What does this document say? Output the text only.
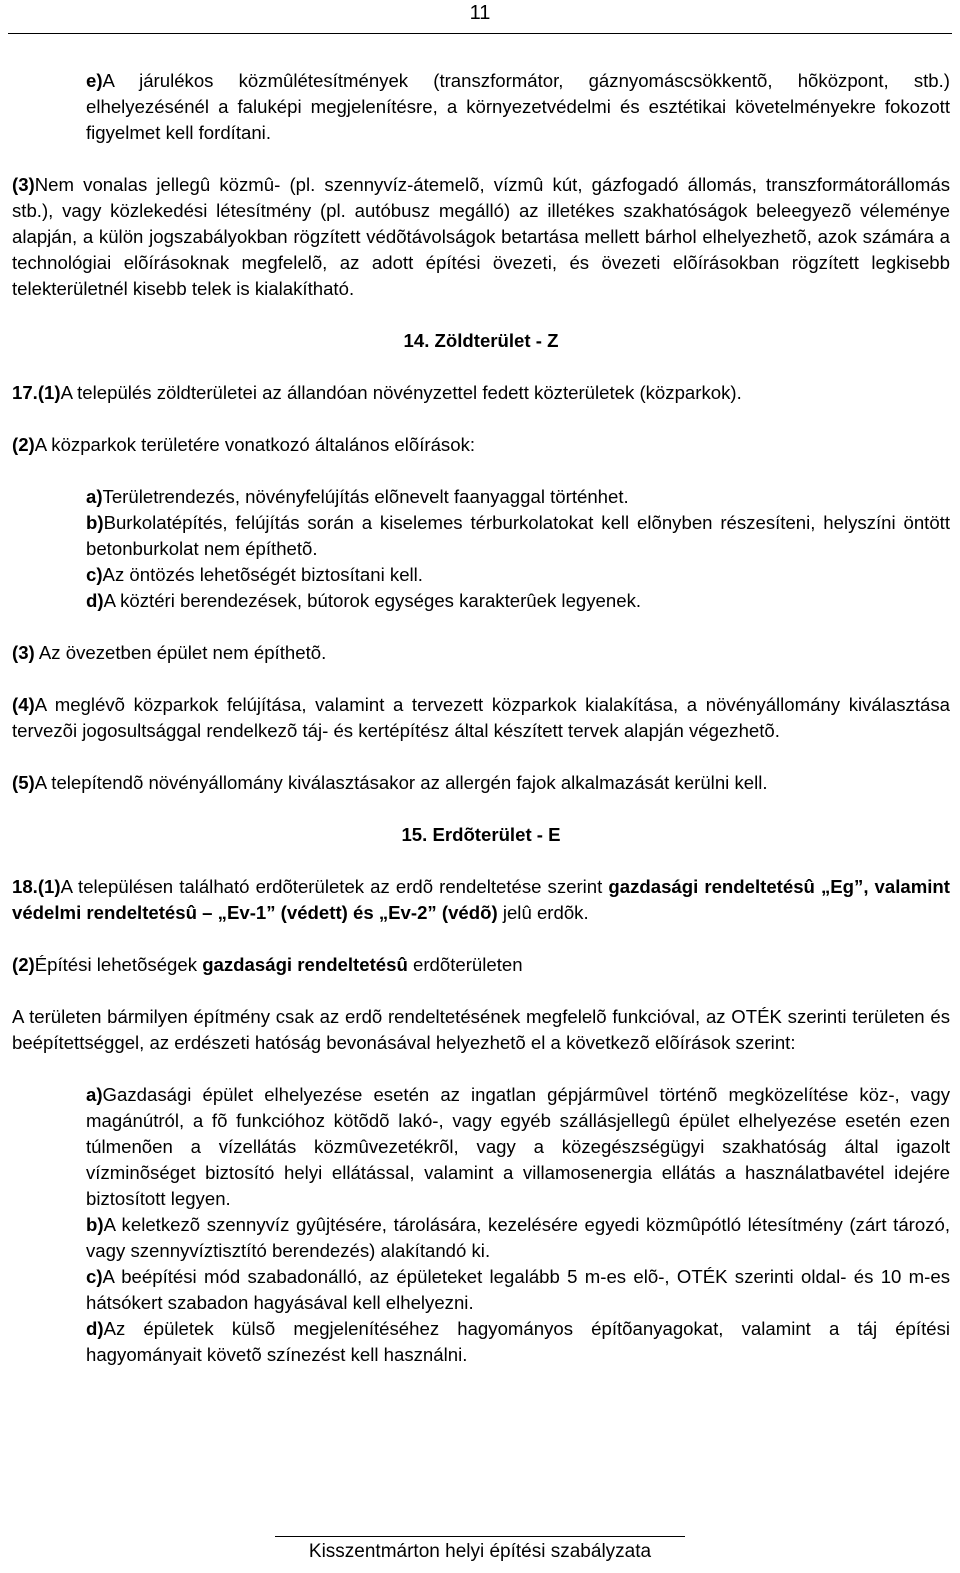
11

e)A járulékos közmûlétesítmények (transzformátor, gáznyomáscsökkentõ, hõközpont, stb.) elhelyezésénél a faluképi megjelenítésre, a környezetvédelmi és esztétikai követelményekre fokozott figyelmet kell fordítani.

(3)Nem vonalas jellegû közmû- (pl. szennyvíz-átemelõ, vízmû kút, gázfogadó állomás, transzformátorállomás stb.), vagy közlekedési létesítmény (pl. autóbusz megálló) az illetékes szakhatóságok beleegyezõ véleménye alapján, a külön jogszabályokban rögzített védõtávolságok betartása mellett bárhol elhelyezhetõ, azok számára a technológiai elõírásoknak megfelelõ, az adott építési övezeti, és övezeti elõírásokban rögzített legkisebb telekterületnél kisebb telek is kialakítható.

14. Zöldterület - Z

17.(1)A település zöldterületei az állandóan növényzettel fedett közterületek (közparkok).

(2)A közparkok területére vonatkozó általános elõírások:

a)Területrendezés, növényfelújítás elõnevelt faanyaggal történhet.

b)Burkolatépítés, felújítás során a kiselemes térburkolatokat kell elõnyben részesíteni, helyszíni öntött betonburkolat nem építhetõ.

c)Az öntözés lehetõségét biztosítani kell.

d)A köztéri berendezések, bútorok egységes karakterûek legyenek.

(3) Az övezetben épület nem építhetõ.

(4)A meglévõ közparkok felújítása, valamint a tervezett közparkok kialakítása, a növényállomány kiválasztása tervezõi jogosultsággal rendelkezõ táj- és kertépítész által készített tervek alapján végezhetõ.

(5)A telepítendõ növényállomány kiválasztásakor az allergén fajok alkalmazását kerülni kell.

15. Erdõterület - E

18.(1)A településen található erdõterületek az erdõ rendeltetése szerint gazdasági rendeltetésû „Eg”, valamint védelmi rendeltetésû – „Ev-1” (védett) és „Ev-2” (védõ) jelû erdõk.

(2)Építési lehetõségek gazdasági rendeltetésû erdõterületen

A területen bármilyen építmény csak az erdõ rendeltetésének megfelelõ funkcióval, az OTÉK szerinti területen és beépítettséggel, az erdészeti hatóság bevonásával helyezhetõ el a következõ elõírások szerint:

a)Gazdasági épület elhelyezése esetén az ingatlan gépjármûvel történõ megközelítése köz-, vagy magánútról, a fõ funkcióhoz kötõdõ lakó-, vagy egyéb szállásjellegû épület elhelyezése esetén ezen túlmenõen a vízellátás közmûvezetékrõl, vagy a közegészségügyi szakhatóság által igazolt vízminõséget biztosító helyi ellátással, valamint a villamosenergia ellátás a használatbavétel idejére biztosított legyen.

b)A keletkezõ szennyvíz gyûjtésére, tárolására, kezelésére egyedi közmûpótló létesítmény (zárt tározó, vagy szennyvíztisztító berendezés) alakítandó ki.

c)A beépítési mód szabadonálló, az épületeket legalább 5 m-es elõ-, OTÉK szerinti oldal- és 10 m-es hátsókert szabadon hagyásával kell elhelyezni.

d)Az épületek külsõ megjelenítéséhez hagyományos építõanyagokat, valamint a táj építési hagyományait követõ színezést kell használni.

Kisszentmárton helyi építési szabályzata
